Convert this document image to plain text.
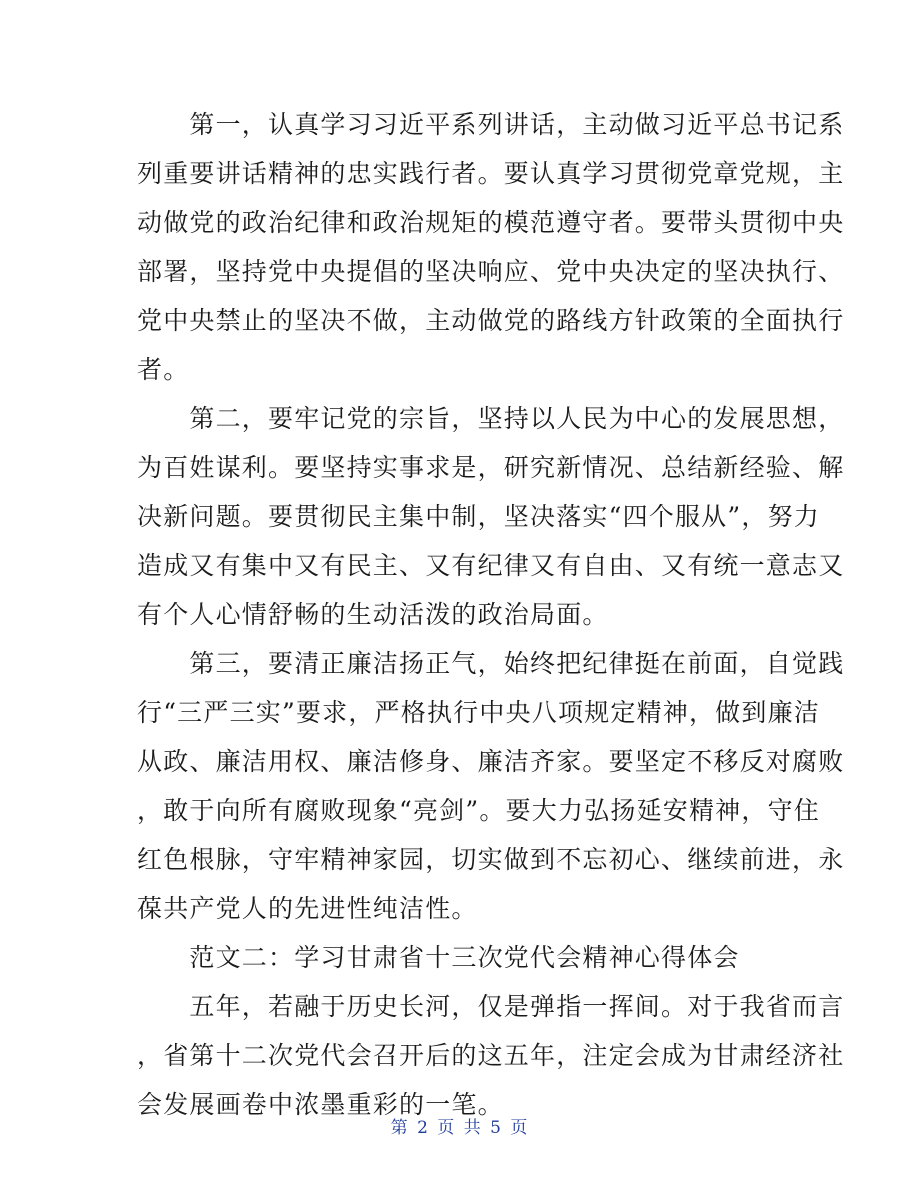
　　第一，认真学习习近平系列讲话，主动做习近平总书记系
列重要讲话精神的忠实践行者。要认真学习贯彻党章党规，主
动做党的政治纪律和政治规矩的模范遵守者。要带头贯彻中央
部署，坚持党中央提倡的坚决响应、党中央决定的坚决执行、
党中央禁止的坚决不做，主动做党的路线方针政策的全面执行
者。
　　第二，要牢记党的宗旨，坚持以人民为中心的发展思想，
为百姓谋利。要坚持实事求是，研究新情况、总结新经验、解
决新问题。要贯彻民主集中制，坚决落实“四个服从”，努力
造成又有集中又有民主、又有纪律又有自由、又有统一意志又
有个人心情舒畅的生动活泼的政治局面。
　　第三，要清正廉洁扬正气，始终把纪律挺在前面，自觉践
行“三严三实”要求，严格执行中央八项规定精神，做到廉洁
从政、廉洁用权、廉洁修身、廉洁齐家。要坚定不移反对腐败
，敢于向所有腐败现象“亮剑”。要大力弘扬延安精神，守住
红色根脉，守牢精神家园，切实做到不忘初心、继续前进，永
葆共产党人的先进性纯洁性。
　　范文二：学习甘肃省十三次党代会精神心得体会
　　五年，若融于历史长河，仅是弹指一挥间。对于我省而言
，省第十二次党代会召开后的这五年，注定会成为甘肃经济社
会发展画卷中浓墨重彩的一笔。
第 2 页 共 5 页
